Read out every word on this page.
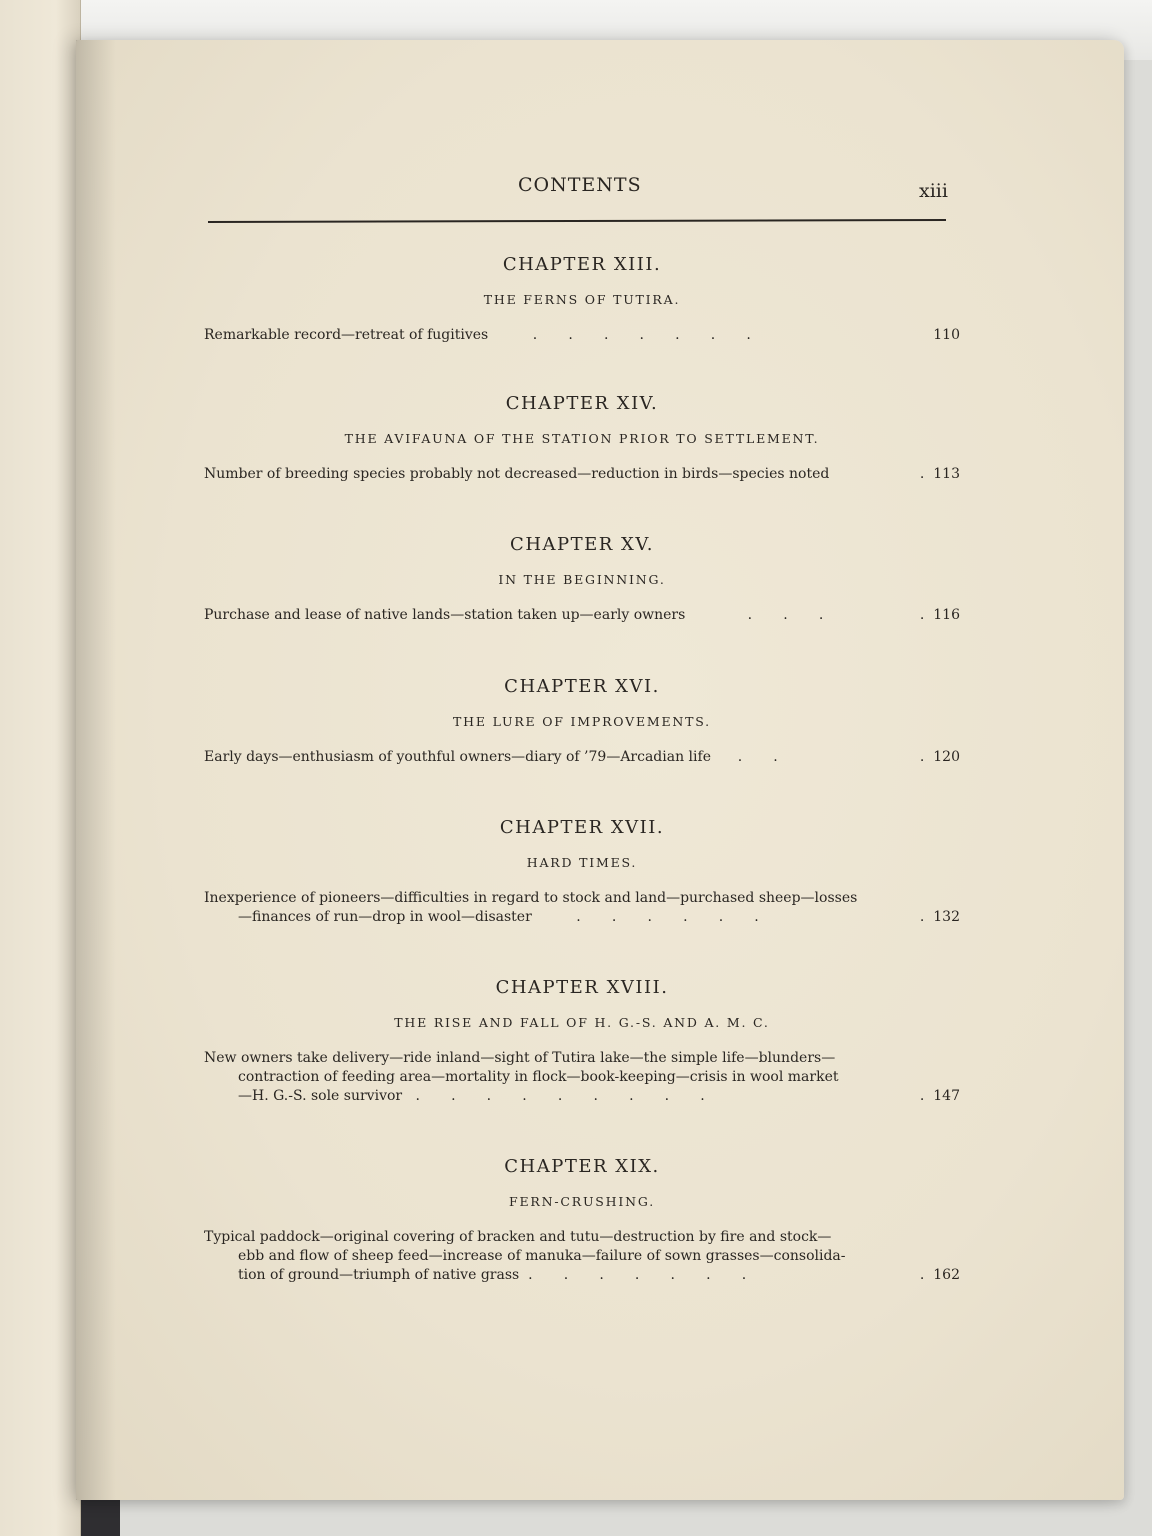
CONTENTS	xiii
CHAPTER XIII.
THE FERNS OF TUTIRA.
Remarkable record—retreat of fugitives	.       .       .       .       .       .       .	110
CHAPTER XIV.
THE AVIFAUNA OF THE STATION PRIOR TO SETTLEMENT.
Number of breeding species probably not decreased—reduction in birds—species noted	.  113
CHAPTER XV.
IN THE BEGINNING.
Purchase and lease of native lands—station taken up—early owners	.       .       .	.  116
CHAPTER XVI.
THE LURE OF IMPROVEMENTS.
Early days—enthusiasm of youthful owners—diary of ’79—Arcadian life .       .	.  120
CHAPTER XVII.
HARD TIMES.
Inexperience of pioneers—difficulties in regard to stock and land—purchased sheep—losses
—finances of run—drop in wool—disaster	.       .       .       .       .       .	.  132
CHAPTER XVIII.
THE RISE AND FALL OF H. G.-S. AND A. M. C.
New owners take delivery—ride inland—sight of Tutira lake—the simple life—blunders—
contraction of feeding area—mortality in flock—book-keeping—crisis in wool market
—H. G.-S. sole survivor .       .       .       .       .       .       .       .       .	.  147
CHAPTER XIX.
FERN-CRUSHING.
Typical paddock—original covering of bracken and tutu—destruction by fire and stock—
ebb and flow of sheep feed—increase of manuka—failure of sown grasses—consolida-
tion of ground—triumph of native grass .       .       .       .       .       .       .	.  162
